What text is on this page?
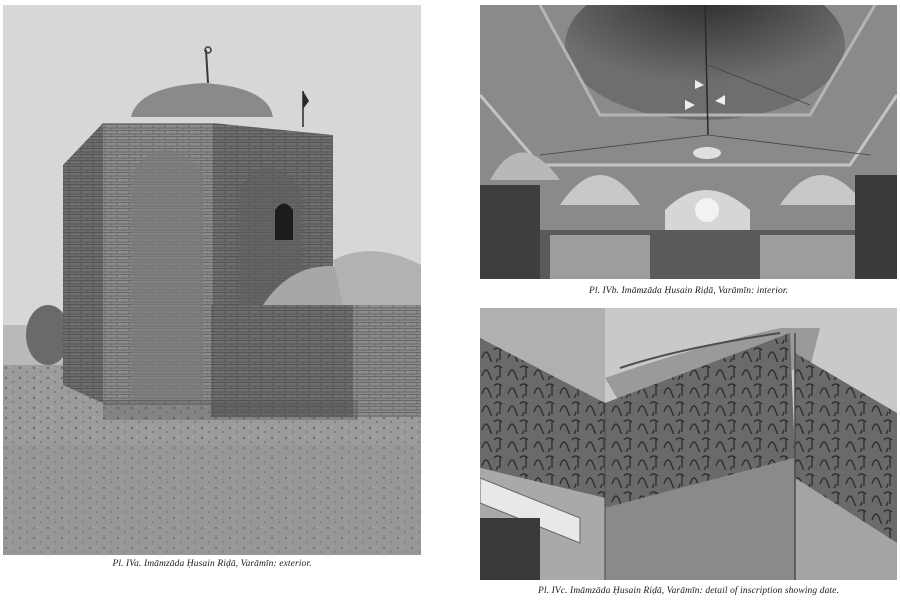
Pl. IVa. Imāmzāda Ḥusain Riḍā, Varāmīn: exterior.
Pl. IVb. Imāmzāda Ḥusain Riḍā, Varāmīn: interior.
Pl. IVc. Imāmzāda Ḥusain Riḍā, Varāmīn: detail of inscription showing date.
